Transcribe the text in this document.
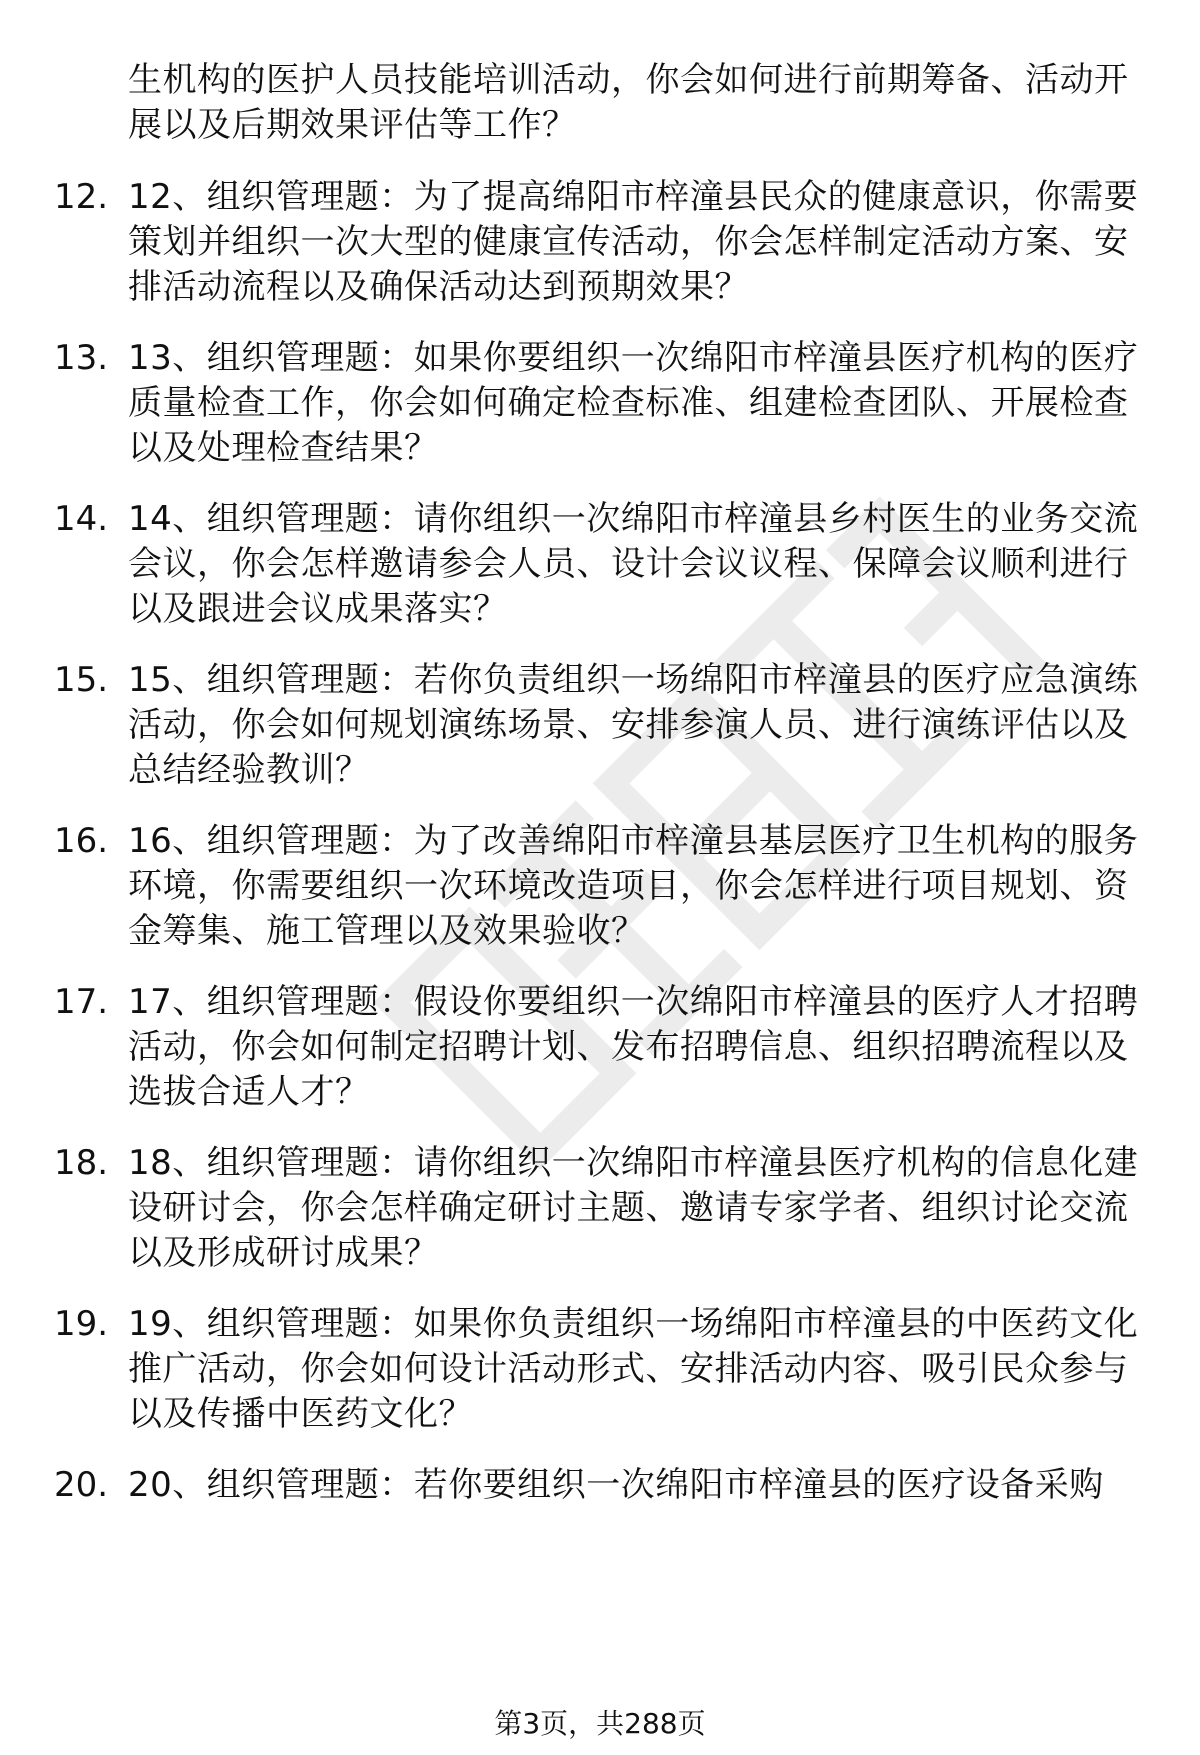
生机构的医护人员技能培训活动，你会如何进行前期筹备、活动开展以及后期效果评估等工作？
12. 12、组织管理题：为了提高绵阳市梓潼县民众的健康意识，你需要策划并组织一次大型的健康宣传活动，你会怎样制定活动方案、安排活动流程以及确保活动达到预期效果？
13. 13、组织管理题：如果你要组织一次绵阳市梓潼县医疗机构的医疗质量检查工作，你会如何确定检查标准、组建检查团队、开展检查以及处理检查结果？
14. 14、组织管理题：请你组织一次绵阳市梓潼县乡村医生的业务交流会议，你会怎样邀请参会人员、设计会议议程、保障会议顺利进行以及跟进会议成果落实？
15. 15、组织管理题：若你负责组织一场绵阳市梓潼县的医疗应急演练活动，你会如何规划演练场景、安排参演人员、进行演练评估以及总结经验教训？
16. 16、组织管理题：为了改善绵阳市梓潼县基层医疗卫生机构的服务环境，你需要组织一次环境改造项目，你会怎样进行项目规划、资金筹集、施工管理以及效果验收？
17. 17、组织管理题：假设你要组织一次绵阳市梓潼县的医疗人才招聘活动，你会如何制定招聘计划、发布招聘信息、组织招聘流程以及选拔合适人才？
18. 18、组织管理题：请你组织一次绵阳市梓潼县医疗机构的信息化建设研讨会，你会怎样确定研讨主题、邀请专家学者、组织讨论交流以及形成研讨成果？
19. 19、组织管理题：如果你负责组织一场绵阳市梓潼县的中医药文化推广活动，你会如何设计活动形式、安排活动内容、吸引民众参与以及传播中医药文化？
20. 20、组织管理题：若你要组织一次绵阳市梓潼县的医疗设备采购
第3页，共288页
